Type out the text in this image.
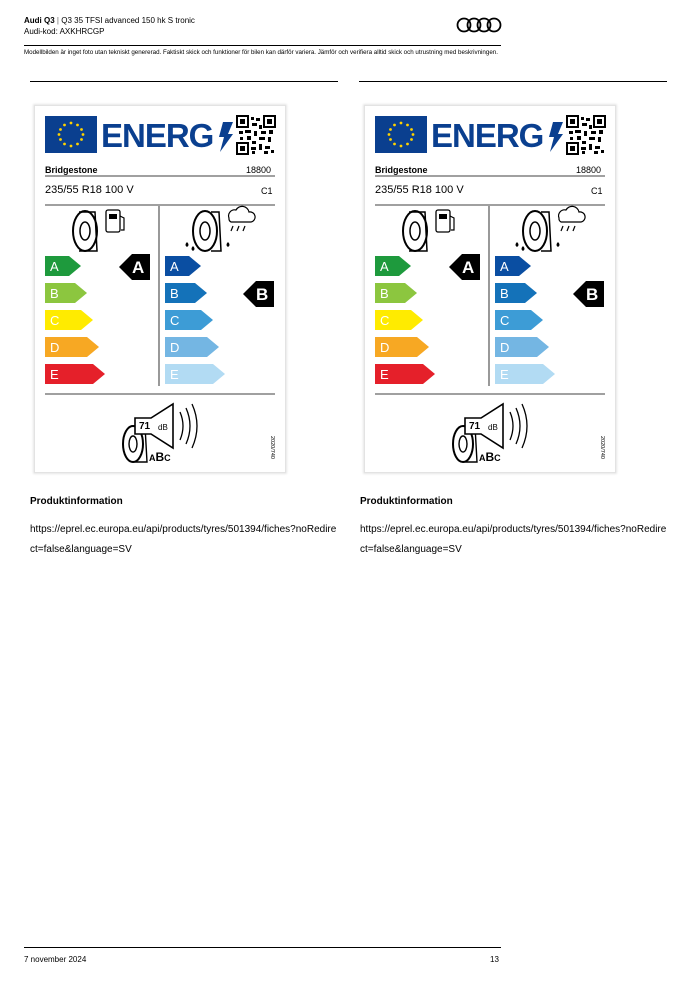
Audi Q3 | Q3 35 TFSI advanced 150 hk S tronic
Audi-kod: AXKHRCGP
Modellbilden är inget foto utan tekniskt genererad. Faktiskt skick och funktioner för bilen kan därför variera. Jämför och verifiera alltid skick och utrustning med beskrivningen.
ENERG
Bridgestone	18800
235/55 R18 100 V	C1
A
B
C
D
E
A A
B
C
D
E
B
71 dB
ABC	2020/740
ENERG
Bridgestone	18800
235/55 R18 100 V	C1
A
B
C
D
E
A A
B
C
D
E
B
71 dB
ABC	2020/740
Produktinformation
https://eprel.ec.europa.eu/api/products/tyres/501394/fiches?noRedirect=false&language=SV
Produktinformation
https://eprel.ec.europa.eu/api/products/tyres/501394/fiches?noRedirect=false&language=SV
7 november 2024	13
